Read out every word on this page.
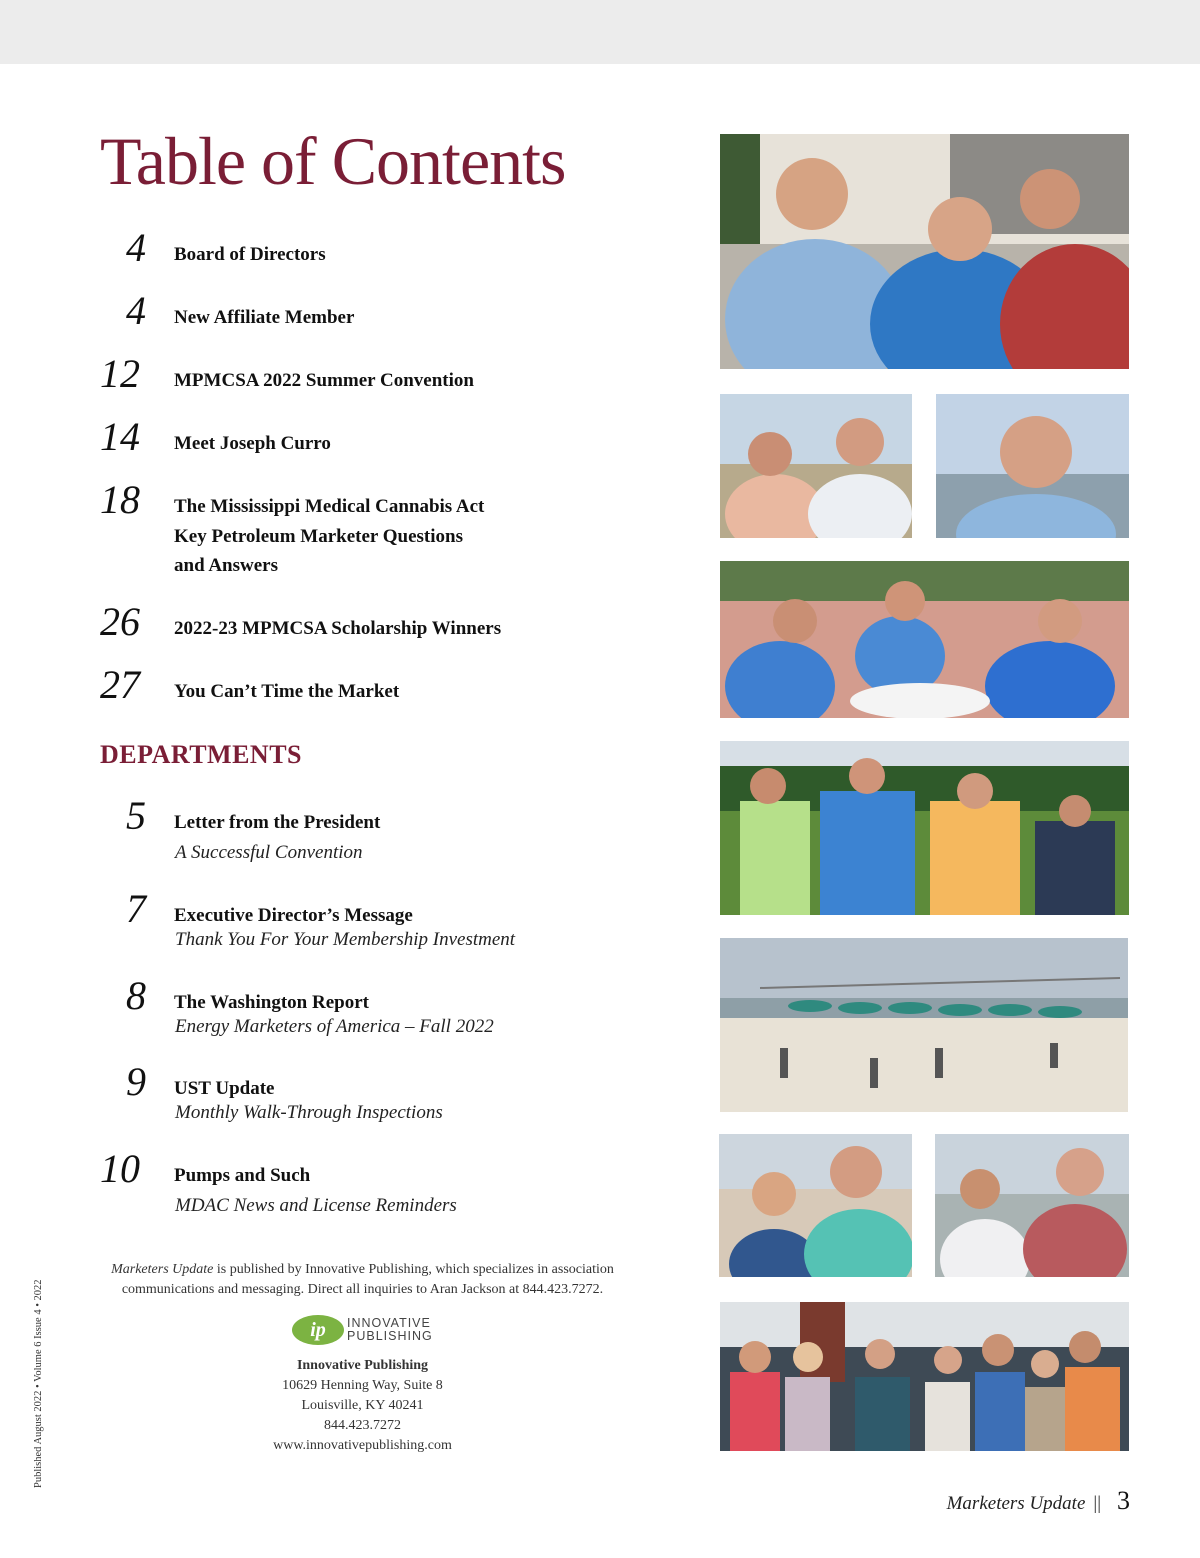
Table of Contents
4 Board of Directors
4 New Affiliate Member
12	MPMCSA 2022 Summer Convention
14	Meet Joseph Curro
18	The Mississippi Medical Cannabis Act
Key Petroleum Marketer Questions
and Answers
26	2022-23 MPMCSA Scholarship Winners
27	You Can’t Time the Market
DEPARTMENTS
5 Letter from the President
A Successful Convention
7 Executive Director’s Message
Thank You For Your Membership Investment
8 The Washington Report
Energy Marketers of America – Fall 2022
9 UST Update
Monthly Walk-Through Inspections
10	Pumps and Such
MDAC News and License Reminders
Marketers Update is published by Innovative Publishing, which specializes in association
communications and messaging. Direct all inquiries to Aran Jackson at 844.423.7272.
ip	INNOVATIVE
PUBLISHING
Innovative Publishing
10629 Henning Way, Suite 8
Louisville, KY 40241
844.423.7272
www.innovativepublishing.com
Published August 2022 • Volume 6 Issue 4 • 2022
Marketers Update || 3
